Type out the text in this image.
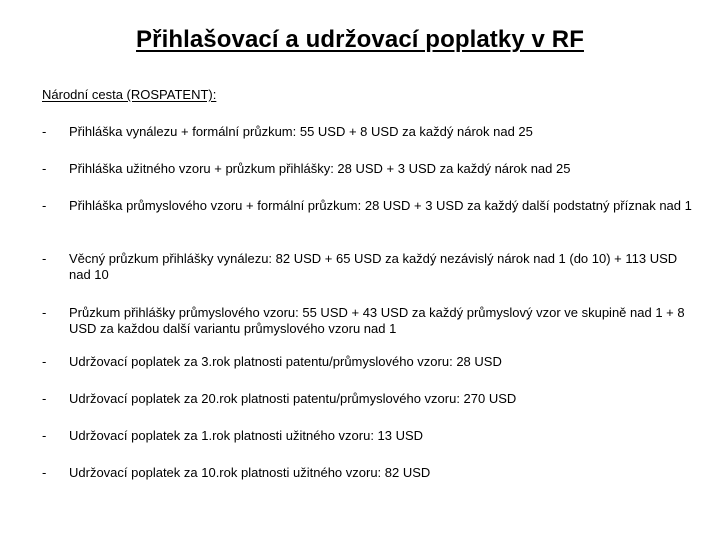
Přihlašovací a udržovací poplatky v RF
Národní cesta (ROSPATENT):
- Přihláška vynálezu + formální průzkum: 55 USD + 8 USD za každý nárok nad 25
- Přihláška užitného vzoru + průzkum přihlášky: 28 USD + 3 USD za každý nárok nad 25
- Přihláška průmyslového vzoru + formální průzkum: 28 USD + 3 USD za každý další podstatný příznak nad 1
- Věcný průzkum přihlášky vynálezu: 82 USD + 65 USD za každý nezávislý nárok nad 1 (do 10) + 113 USD nad 10
- Průzkum přihlášky průmyslového vzoru: 55 USD + 43 USD za každý průmyslový vzor ve skupině nad 1 + 8 USD za každou další variantu průmyslového vzoru nad 1
- Udržovací poplatek za 3.rok platnosti patentu/průmyslového vzoru: 28 USD
- Udržovací poplatek za 20.rok platnosti patentu/průmyslového vzoru: 270 USD
- Udržovací poplatek za 1.rok platnosti užitného vzoru: 13 USD
- Udržovací poplatek za 10.rok platnosti užitného vzoru: 82 USD
